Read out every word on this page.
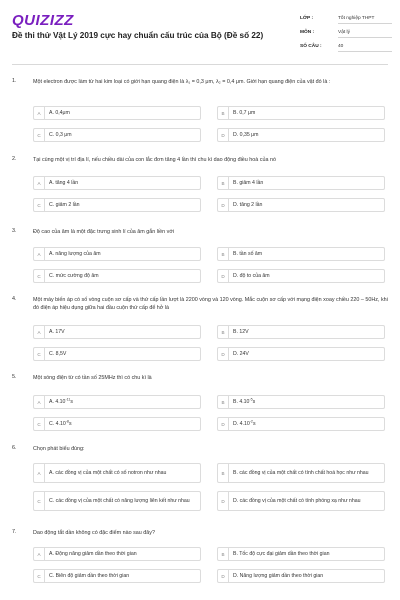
QUIZIZZ
Đề thi thử Vật Lý 2019 cực hay chuẩn cấu trúc của Bộ (Đề số 22)
LỚP :	Tốt nghiệp THPT
MÔN :	Vật lý
SỐ CÂU :	40
1.	Một electron được làm từ hai kim loại có giới hạn quang điện là λ₁ = 0,3 μm, λ₂ = 0,4 μm. Giới hạn quang điện của vật đó là :
A	A. 0,4μm	B	B. 0,7 μm
C	C. 0,3 μm	D	D. 0,35 μm
2.	Tại cùng một vị trí địa lí, nếu chiều dài của con lắc đơn tăng 4 lần thì chu kì dao động điều hoà của nó
A	A. tăng 4 lần	B	B. giảm 4 lần
C	C. giảm 2 lần	D	D. tăng 2 lần
3.	Độ cao của âm là một đặc trưng sinh lí của âm gắn liền với
A	A. năng lượng của âm	B	B. tần số âm
C	C. mức cường độ âm	D	D. độ to của âm
4.	Một máy biến áp có số vòng cuộn sơ cấp và thứ cấp lần lượt là 2200 vòng và 120 vòng. Mắc cuộn sơ cấp với mạng điện xoay chiều 220 – 50Hz, khi đó điện áp hiệu dụng giữa hai đầu cuộn thứ cấp để hở là
A	A. 17V	B	B. 12V
C	C. 8,5V	D	D. 24V
5.	Một sóng điện từ có tần số 25MHz thì có chu kì là
A	A. $4.10^{-11}s$	B	B. $4.10^{-5}s$
C	C. $4.10^{-8}s$	D	D. $4.10^{-2}s$
6.	Chọn phát biểu đúng:
A	A. các đồng vị của một chất có số notron như nhau	B	B. các đồng vị của một chất có tính chất hoá học như nhau
C	C. các đồng vị của một chất có năng lượng liên kết như nhau	D	D. các đồng vị của một chất có tính phóng xạ như nhau
7.	Dao động tắt dần không có đặc điểm nào sau đây?
A	A. Động năng giảm dần theo thời gian	B	B. Tốc độ cực đại giảm dần theo thời gian
C	C. Biên độ giảm dần theo thời gian	D	D. Năng lượng giảm dần theo thời gian
